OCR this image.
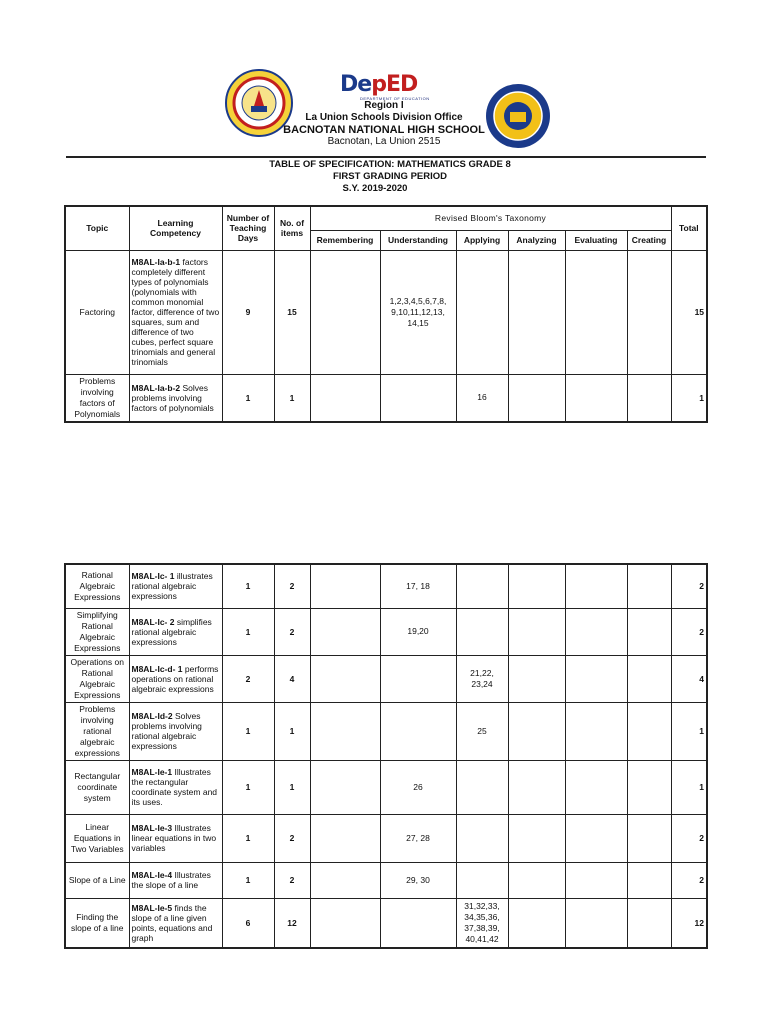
DepED
DEPARTMENT OF EDUCATION
Region I
La Union Schools Division Office
BACNOTAN NATIONAL HIGH SCHOOL
Bacnotan, La Union 2515
TABLE OF SPECIFICATION: MATHEMATICS GRADE 8
FIRST GRADING PERIOD
S.Y. 2019-2020
Topic	Learning Competency	Number of Teaching Days	No. of items	Revised Bloom's Taxonomy						Total
				Remembering	Understanding	Applying	Analyzing	Evaluating	Creating	
Factoring	M8AL-Ia-b-1 factors completely different types of polynomials (polynomials with common monomial factor, difference of two squares, sum and difference of two cubes, perfect square trinomials and general trinomials	9	15		1,2,3,4,5,6,7,8, 9,10,11,12,13, 14,15					15
Problems involving factors of Polynomials	M8AL-Ia-b-2 Solves problems involving factors of polynomials	1	1			16				1
Rational Algebraic Expressions	M8AL-Ic- 1 illustrates rational algebraic expressions	1	2		17, 18					2
Simplifying Rational Algebraic Expressions	M8AL-Ic- 2 simplifies rational algebraic expressions	1	2		19,20					2
Operations on Rational Algebraic Expressions	M8AL-Ic-d- 1 performs operations on rational algebraic expressions	2	4			21,22, 23,24				4
Problems involving rational algebraic expressions	M8AL-Id-2 Solves problems involving rational algebraic expressions	1	1			25				1
Rectangular coordinate system	M8AL-Ie-1 Illustrates the rectangular coordinate system and its uses.	1	1		26					1
Linear Equations in Two Variables	M8AL-Ie-3 Illustrates linear equations in two variables	1	2		27, 28					2
Slope of a Line	M8AL-Ie-4 Illustrates the slope of a line	1	2		29, 30					2
Finding the slope of a line	M8AL-Ie-5 finds the slope of a line given points, equations and graph	6	12			31,32,33, 34,35,36, 37,38,39, 40,41,42				12
